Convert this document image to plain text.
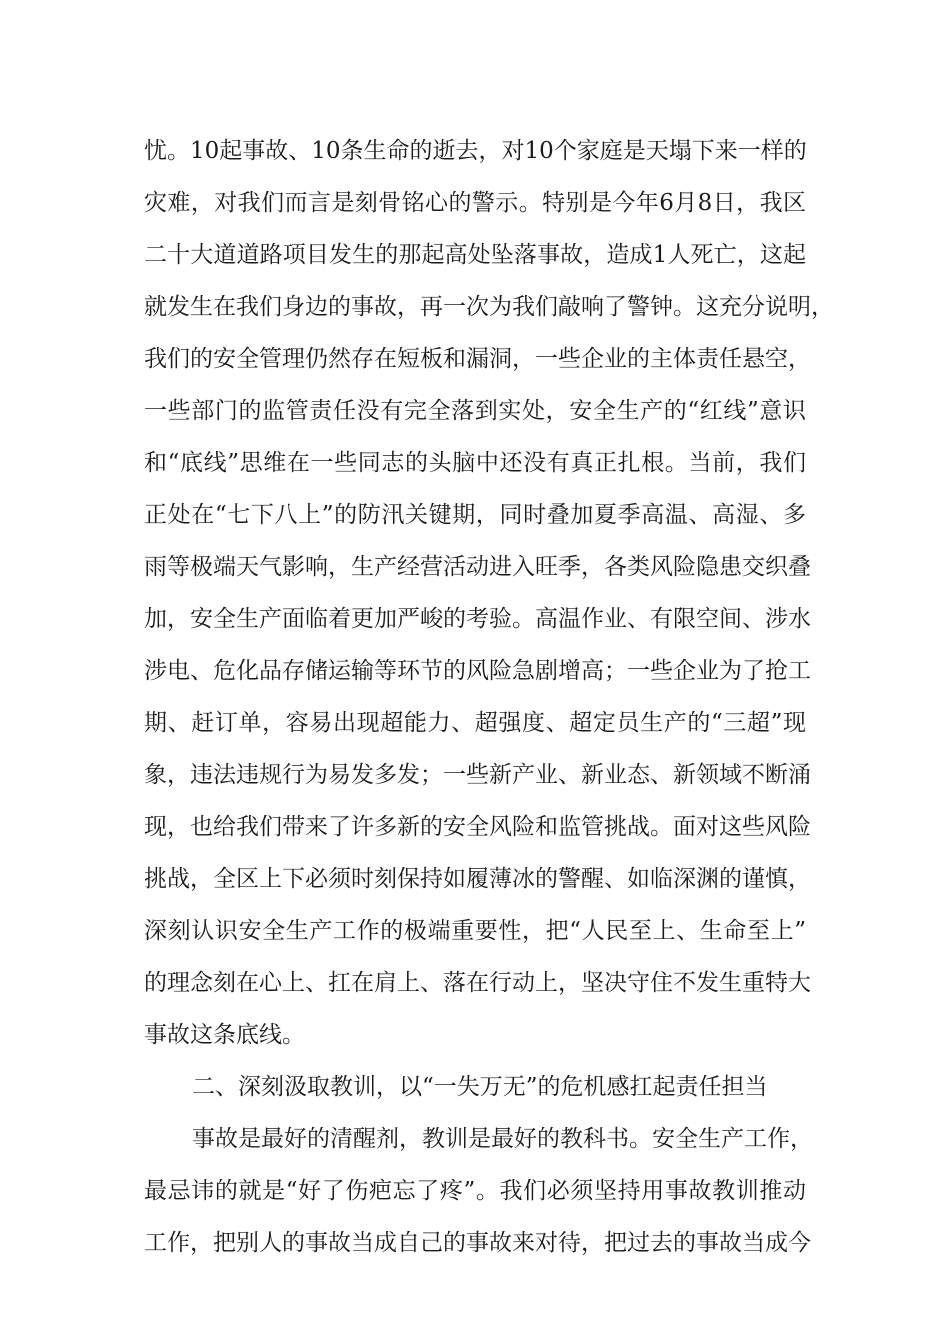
忧。10起事故、10条生命的逝去，对10个家庭是天塌下来一样的
灾难，对我们而言是刻骨铭心的警示。特别是今年6月8日，我区
二十大道道路项目发生的那起高处坠落事故，造成1人死亡，这起
就发生在我们身边的事故，再一次为我们敲响了警钟。这充分说明，
我们的安全管理仍然存在短板和漏洞，一些企业的主体责任悬空，
一些部门的监管责任没有完全落到实处，安全生产的“红线”意识
和“底线”思维在一些同志的头脑中还没有真正扎根。当前，我们
正处在“七下八上”的防汛关键期，同时叠加夏季高温、高湿、多
雨等极端天气影响，生产经营活动进入旺季，各类风险隐患交织叠
加，安全生产面临着更加严峻的考验。高温作业、有限空间、涉水
涉电、危化品存储运输等环节的风险急剧增高；一些企业为了抢工
期、赶订单，容易出现超能力、超强度、超定员生产的“三超”现
象，违法违规行为易发多发；一些新产业、新业态、新领域不断涌
现，也给我们带来了许多新的安全风险和监管挑战。面对这些风险
挑战，全区上下必须时刻保持如履薄冰的警醒、如临深渊的谨慎，
深刻认识安全生产工作的极端重要性，把“人民至上、生命至上”
的理念刻在心上、扛在肩上、落在行动上，坚决守住不发生重特大
事故这条底线。
二、深刻汲取教训，以“一失万无”的危机感扛起责任担当
事故是最好的清醒剂，教训是最好的教科书。安全生产工作，
最忌讳的就是“好了伤疤忘了疼”。我们必须坚持用事故教训推动
工作，把别人的事故当成自己的事故来对待，把过去的事故当成今
